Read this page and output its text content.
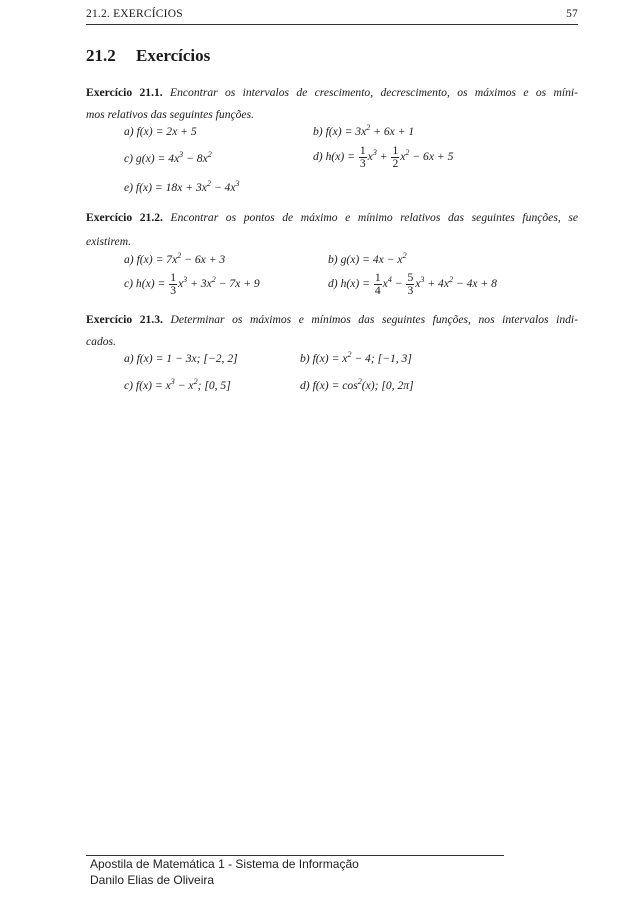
21.2. EXERCÍCIOS	57
21.2 Exercícios
Exercício 21.1. Encontrar os intervalos de crescimento, decrescimento, os máximos e os míni-
mos relativos das seguintes funções.
a) f(x) = 2x + 5	b) $f(x) = 3x^2 + 6x + 1$
c) $g(x) = 4x^3 - 8x^2$	d) $h(x) = \frac{1}{3} x^3 + \frac{1}{2} x^2 - 6x + 5$
e) $f(x) = 18x + 3x^2 - 4x^3$
Exercício 21.2. Encontrar os pontos de máximo e mínimo relativos das seguintes funções, se
existirem.
a) $f(x) = 7x^2 - 6x + 3$	b) $g(x) = 4x - x^2$
c) $h(x) = \frac{1}{3} x^3 + 3x^2 - 7x + 9$	d) $h(x) = \frac{1}{4} x^4 - \frac{5}{3} x^3 + 4x^2 - 4x + 8$
Exercício 21.3. Determinar os máximos e mínimos das seguintes funções, nos intervalos indi-
cados.
a) f(x) = 1 − 3x; [−2, 2]	b) $f(x) = x^2 - 4$; [−1, 3]
c) $f(x) = x^3 - x^2$; [0, 5]	d) $f(x) = \cos^2(x)$; [0, 2π]
Apostila de Matemática 1 - Sistema de Informação
Danilo Elias de Oliveira
